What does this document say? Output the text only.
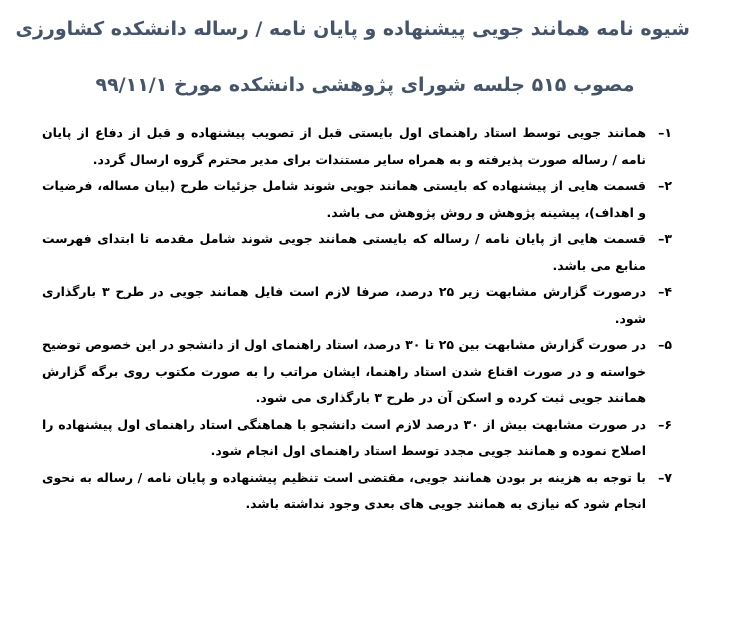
شیوه نامه همانند جویی پیشنهاده و پایان نامه / رساله دانشکده کشاورزی
مصوب ۵۱۵ جلسه شورای پژوهشی دانشکده مورخ ۹۹/۱۱/۱
۱–
همانند جویی توسط استاد راهنمای اول بایستی قبل از تصویب پیشنهاده و قبل از دفاع از پایان نامه / رساله صورت پذیرفته و به همراه سایر مستندات برای مدیر محترم گروه ارسال گردد.
۲–
قسمت هایی از پیشنهاده که بایستی همانند جویی شوند شامل جزئیات طرح (بیان مساله، فرضیات و اهداف)، پیشینه پژوهش و روش پژوهش می باشد.
۳–
قسمت هایی از پایان نامه / رساله که بایستی همانند جویی شوند شامل مقدمه تا ابتدای فهرست منابع می باشد.
۴–
درصورت گزارش مشابهت زیر ۲۵ درصد، صرفا لازم است فایل همانند جویی در طرح ۳ بارگذاری شود.
۵–
در صورت گزارش مشابهت بین ۲۵ تا ۳۰ درصد، استاد راهنمای اول از دانشجو در این خصوص توضیح خواسته و در صورت اقناع شدن استاد راهنما، ایشان مراتب را به صورت مکتوب روی برگه گزارش همانند جویی ثبت کرده و اسکن آن در طرح ۳ بارگذاری می شود.
۶–
در صورت مشابهت بیش از ۳۰ درصد لازم است دانشجو با هماهنگی استاد راهنمای اول پیشنهاده را اصلاح نموده و همانند جویی مجدد توسط استاد راهنمای اول انجام شود.
۷–
با توجه به هزینه بر بودن همانند جویی، مقتضی است تنظیم پیشنهاده و پایان نامه / رساله به نحوی انجام شود که نیازی به همانند جویی های بعدی وجود نداشته باشد.
